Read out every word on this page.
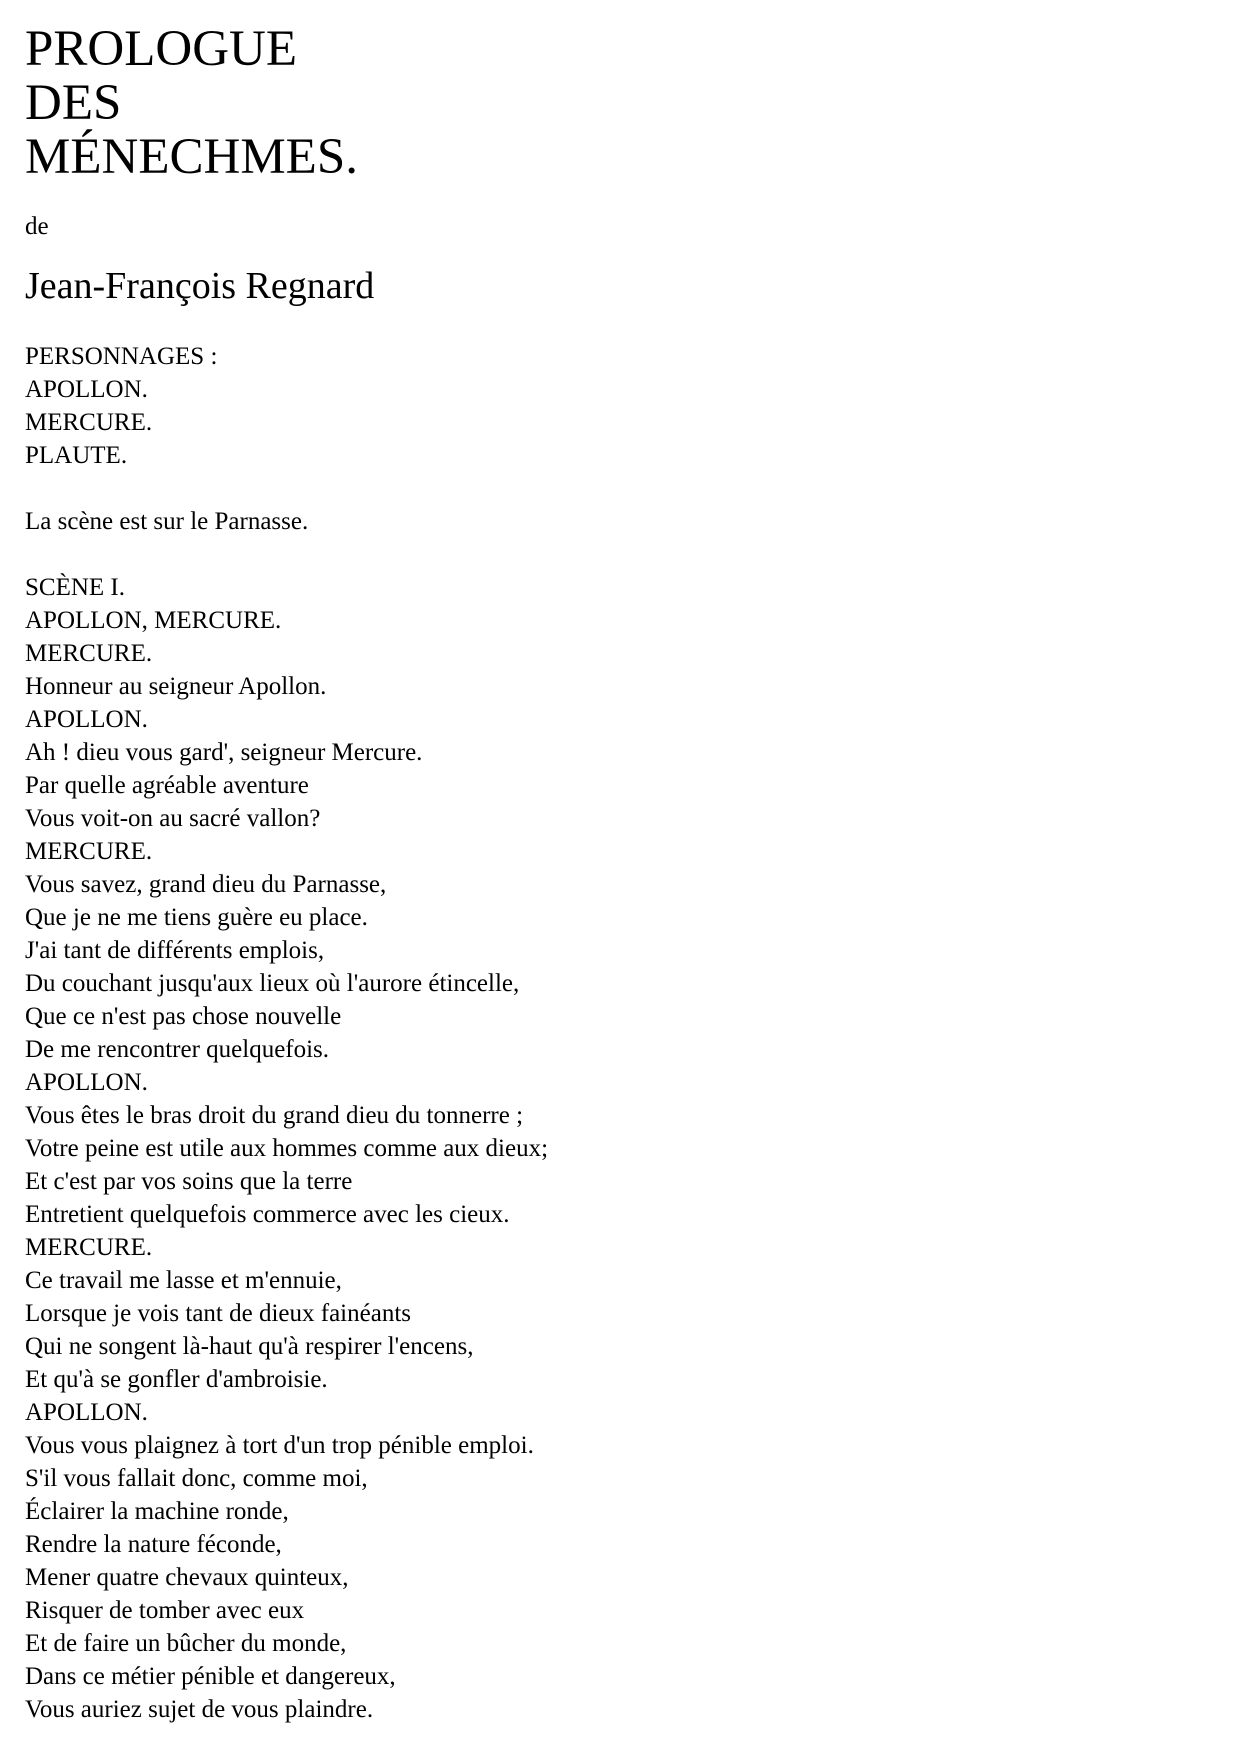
PROLOGUE
DES
MÉNECHMES.
de
Jean-François Regnard
PERSONNAGES :
APOLLON.
MERCURE.
PLAUTE.
La scène est sur le Parnasse.
SCÈNE I.
APOLLON, MERCURE.
MERCURE.
Honneur au seigneur Apollon.
APOLLON.
Ah ! dieu vous gard', seigneur Mercure.
Par quelle agréable aventure
Vous voit-on au sacré vallon?
MERCURE.
Vous savez, grand dieu du Parnasse,
Que je ne me tiens guère eu place.
J'ai tant de différents emplois,
Du couchant jusqu'aux lieux où l'aurore étincelle,
Que ce n'est pas chose nouvelle
De me rencontrer quelquefois.
APOLLON.
Vous êtes le bras droit du grand dieu du tonnerre ;
Votre peine est utile aux hommes comme aux dieux;
Et c'est par vos soins que la terre
Entretient quelquefois commerce avec les cieux.
MERCURE.
Ce travail me lasse et m'ennuie,
Lorsque je vois tant de dieux fainéants
Qui ne songent là-haut qu'à respirer l'encens,
Et qu'à se gonfler d'ambroisie.
APOLLON.
Vous vous plaignez à tort d'un trop pénible emploi.
S'il vous fallait donc, comme moi,
Éclairer la machine ronde,
Rendre la nature féconde,
Mener quatre chevaux quinteux,
Risquer de tomber avec eux
Et de faire un bûcher du monde,
Dans ce métier pénible et dangereux,
Vous auriez sujet de vous plaindre.
